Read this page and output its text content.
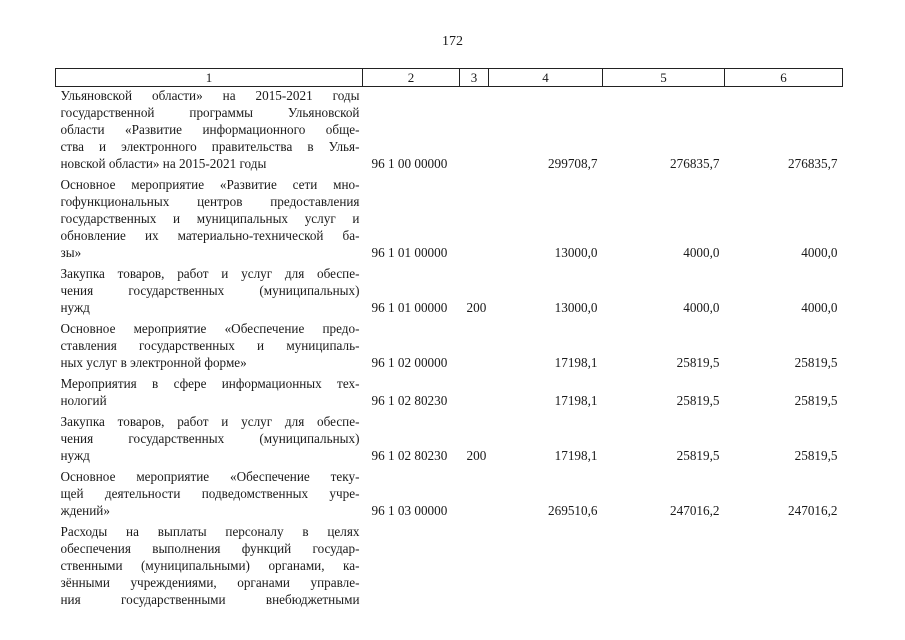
172
1	2	3	4	5	6

Ульяновской области» на 2015-2021 годы
государственной программы Ульяновской
области «Развитие информационного обще-
ства и электронного правительства в Улья-
новской области» на 2015-2021 годы	96 1 00 00000		299708,7	276835,7	276835,7

Основное мероприятие «Развитие сети мно-
гофункциональных центров предоставления
государственных и муниципальных услуг и
обновление их материально-технической ба-
зы»	96 1 01 00000		13000,0	4000,0	4000,0

Закупка товаров, работ и услуг для обеспе-
чения государственных (муниципальных)
нужд	96 1 01 00000	200	13000,0	4000,0	4000,0

Основное мероприятие «Обеспечение предо-
ставления государственных и муниципаль-
ных услуг в электронной форме»	96 1 02 00000		17198,1	25819,5	25819,5

Мероприятия в сфере информационных тех-
нологий	96 1 02 80230		17198,1	25819,5	25819,5

Закупка товаров, работ и услуг для обеспе-
чения государственных (муниципальных)
нужд	96 1 02 80230	200	17198,1	25819,5	25819,5

Основное мероприятие «Обеспечение теку-
щей деятельности подведомственных учре-
ждений»	96 1 03 00000		269510,6	247016,2	247016,2

Расходы на выплаты персоналу в целях
обеспечения выполнения функций государ-
ственными (муниципальными) органами, ка-
зёнными учреждениями, органами управле-
ния государственными внебюджетными					
